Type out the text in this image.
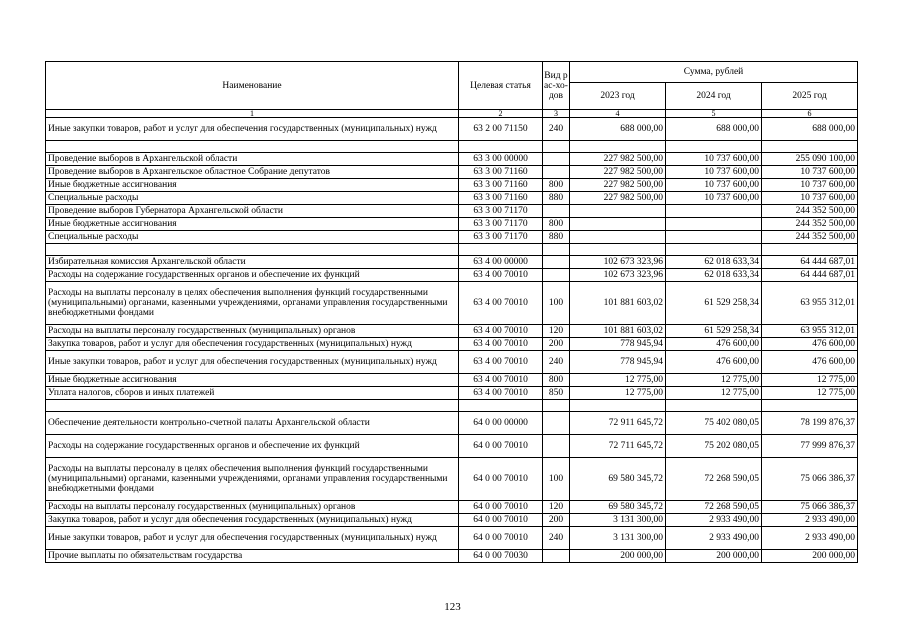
Наименование	Целевая статья	Вид рас-хо-дов	Сумма, рублей		
			2023 год	2024 год	2025 год
1	2	3	4	5	6
Иные закупки товаров, работ и услуг для обеспечения государственных (муниципальных) нужд	63 2 00 71150	240	688 000,00	688 000,00	688 000,00

Проведение выборов в Архангельской области	63 3 00 00000		227 982 500,00	10 737 600,00	255 090 100,00
Проведение выборов в Архангельское областное Собрание депутатов	63 3 00 71160		227 982 500,00	10 737 600,00	10 737 600,00
Иные бюджетные ассигнования	63 3 00 71160	800	227 982 500,00	10 737 600,00	10 737 600,00
Специальные расходы	63 3 00 71160	880	227 982 500,00	10 737 600,00	10 737 600,00
Проведение выборов Губернатора Архангельской области	63 3 00 71170				244 352 500,00
Иные бюджетные ассигнования	63 3 00 71170	800			244 352 500,00
Специальные расходы	63 3 00 71170	880			244 352 500,00

Избирательная комиссия Архангельской области	63 4 00 00000		102 673 323,96	62 018 633,34	64 444 687,01
Расходы на содержание государственных органов и обеспечение их функций	63 4 00 70010		102 673 323,96	62 018 633,34	64 444 687,01
Расходы на выплаты персоналу в целях обеспечения выполнения функций государственными (муниципальными) органами, казенными учреждениями, органами управления государственными внебюджетными фондами	63 4 00 70010	100	101 881 603,02	61 529 258,34	63 955 312,01
Расходы на выплаты персоналу государственных (муниципальных) органов	63 4 00 70010	120	101 881 603,02	61 529 258,34	63 955 312,01
Закупка товаров, работ и услуг для обеспечения государственных (муниципальных) нужд	63 4 00 70010	200	778 945,94	476 600,00	476 600,00
Иные закупки товаров, работ и услуг для обеспечения государственных (муниципальных) нужд	63 4 00 70010	240	778 945,94	476 600,00	476 600,00
Иные бюджетные ассигнования	63 4 00 70010	800	12 775,00	12 775,00	12 775,00
Уплата налогов, сборов и иных платежей	63 4 00 70010	850	12 775,00	12 775,00	12 775,00

Обеспечение деятельности контрольно-счетной палаты Архангельской области	64 0 00 00000		72 911 645,72	75 402 080,05	78 199 876,37
Расходы на содержание государственных органов и обеспечение их функций	64 0 00 70010		72 711 645,72	75 202 080,05	77 999 876,37
Расходы на выплаты персоналу в целях обеспечения выполнения функций государственными (муниципальными) органами, казенными учреждениями, органами управления государственными внебюджетными фондами	64 0 00 70010	100	69 580 345,72	72 268 590,05	75 066 386,37
Расходы на выплаты персоналу государственных (муниципальных) органов	64 0 00 70010	120	69 580 345,72	72 268 590,05	75 066 386,37
Закупка товаров, работ и услуг для обеспечения государственных (муниципальных) нужд	64 0 00 70010	200	3 131 300,00	2 933 490,00	2 933 490,00
Иные закупки товаров, работ и услуг для обеспечения государственных (муниципальных) нужд	64 0 00 70010	240	3 131 300,00	2 933 490,00	2 933 490,00
Прочие выплаты по обязательствам государства	64 0 00 70030		200 000,00	200 000,00	200 000,00
123
